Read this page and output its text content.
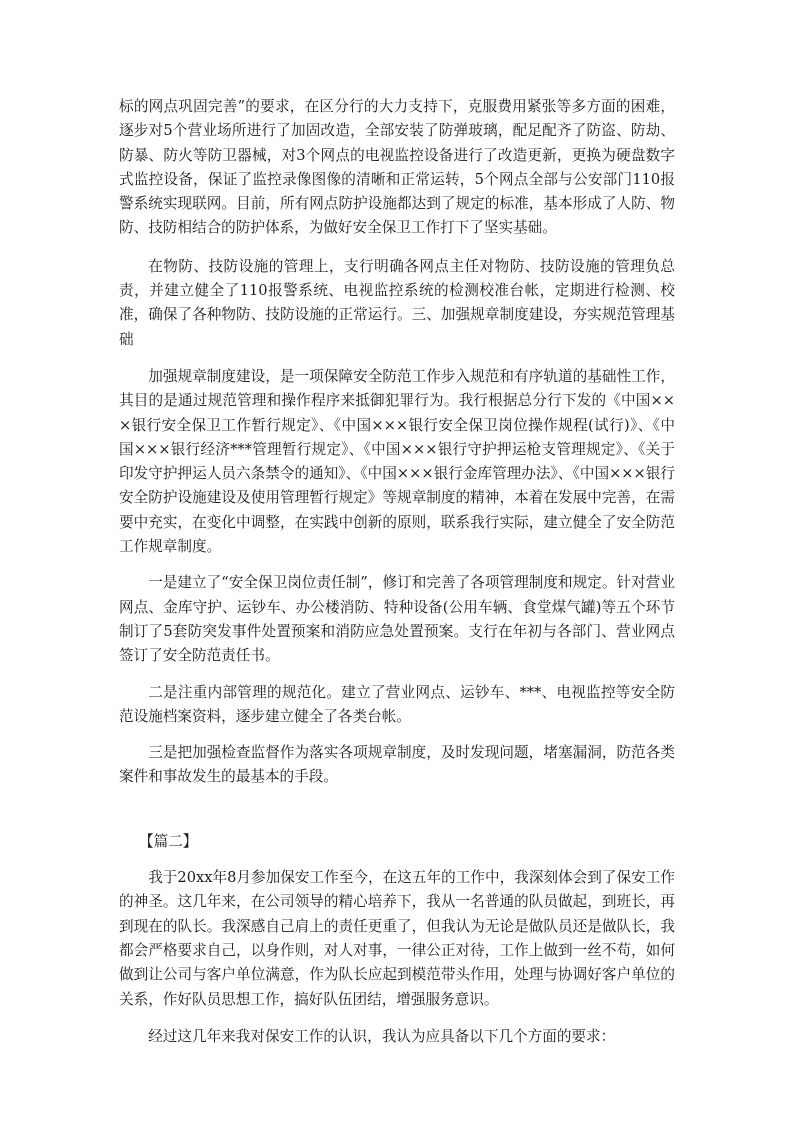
标的网点巩固完善”的要求，在区分行的大力支持下，克服费用紧张等多方面的困难，逐步对5个营业场所进行了加固改造，全部安装了防弹玻璃，配足配齐了防盗、防劫、防暴、防火等防卫器械，对3个网点的电视监控设备进行了改造更新，更换为硬盘数字式监控设备，保证了监控录像图像的清晰和正常运转，5个网点全部与公安部门110报警系统实现联网。目前，所有网点防护设施都达到了规定的标准，基本形成了人防、物防、技防相结合的防护体系，为做好安全保卫工作打下了坚实基础。

在物防、技防设施的管理上，支行明确各网点主任对物防、技防设施的管理负总责，并建立健全了110报警系统、电视监控系统的检测校准台帐，定期进行检测、校准，确保了各种物防、技防设施的正常运行。三、加强规章制度建设，夯实规范管理基础

加强规章制度建设，是一项保障安全防范工作步入规范和有序轨道的基础性工作，其目的是通过规范管理和操作程序来抵御犯罪行为。我行根据总分行下发的《中国×××银行安全保卫工作暂行规定》、《中国×××银行安全保卫岗位操作规程(试行)》、《中国×××银行经济***管理暂行规定》、《中国×××银行守护押运枪支管理规定》、《关于印发守护押运人员六条禁令的通知》、《中国×××银行金库管理办法》、《中国×××银行安全防护设施建设及使用管理暂行规定》等规章制度的精神，本着在发展中完善，在需要中充实，在变化中调整，在实践中创新的原则，联系我行实际，建立健全了安全防范工作规章制度。

一是建立了“安全保卫岗位责任制”，修订和完善了各项管理制度和规定。针对营业网点、金库守护、运钞车、办公楼消防、特种设备(公用车辆、食堂煤气罐)等五个环节制订了5套防突发事件处置预案和消防应急处置预案。支行在年初与各部门、营业网点签订了安全防范责任书。

二是注重内部管理的规范化。建立了营业网点、运钞车、***、电视监控等安全防范设施档案资料，逐步建立健全了各类台帐。

三是把加强检查监督作为落实各项规章制度，及时发现问题，堵塞漏洞，防范各类案件和事故发生的最基本的手段。

【篇二】

我于20xx年8月参加保安工作至今，在这五年的工作中，我深刻体会到了保安工作的神圣。这几年来，在公司领导的精心培养下，我从一名普通的队员做起，到班长，再到现在的队长。我深感自己肩上的责任更重了，但我认为无论是做队员还是做队长，我都会严格要求自己，以身作则，对人对事，一律公正对待，工作上做到一丝不苟，如何做到让公司与客户单位满意，作为队长应起到模范带头作用，处理与协调好客户单位的关系，作好队员思想工作，搞好队伍团结，增强服务意识。

经过这几年来我对保安工作的认识，我认为应具备以下几个方面的要求：
